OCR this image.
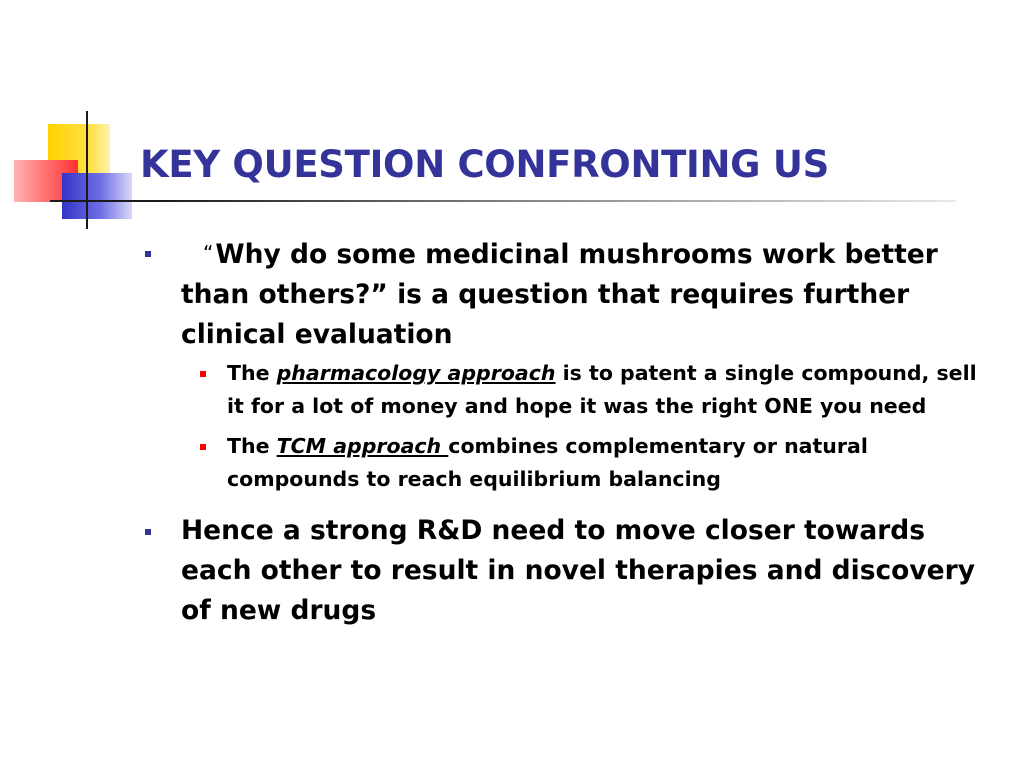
KEY QUESTION CONFRONTING US
“Why do some medicinal mushrooms work better than others?” is a question that requires further clinical evaluation
The pharmacology approach is to patent a single compound, sell it for a lot of money and hope it was the right ONE you need
The TCM approach combines complementary or natural compounds to reach equilibrium balancing
Hence a strong R&D need to move closer towards each other to result in novel therapies and discovery of new drugs
